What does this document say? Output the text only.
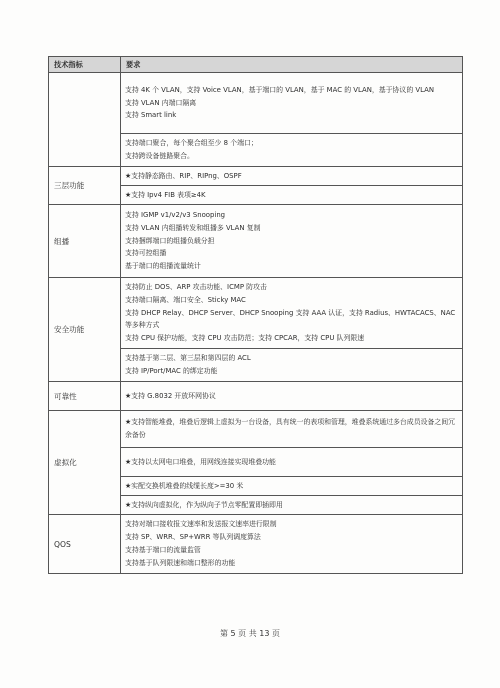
技术指标	要求

	支持 4K 个 VLAN，支持 Voice VLAN，基于端口的 VLAN，基于 MAC 的 VLAN，基于协议的 VLAN
支持 VLAN 内端口隔离
支持 Smart link

	支持端口聚合，每个聚合组至少 8 个端口；
支持跨设备链路聚合。

三层功能	★支持静态路由、RIP、RIPng、OSPF

	★支持 Ipv4 FIB 表项≥4K

组播	支持 IGMP v1/v2/v3 Snooping
支持 VLAN 内组播转发和组播多 VLAN 复制
支持捆绑端口的组播负载分担
支持可控组播
基于端口的组播流量统计

安全功能	支持防止 DOS、ARP 攻击功能、ICMP 防攻击
支持端口隔离、端口安全、Sticky MAC
支持 DHCP Relay、DHCP Server、DHCP Snooping 支持 AAA 认证，支持 Radius、HWTACACS、NAC 等多种方式
支持 CPU 保护功能，支持 CPU 攻击防范；支持 CPCAR，支持 CPU 队列限速

	支持基于第二层、第三层和第四层的 ACL
支持 IP/Port/MAC 的绑定功能

可靠性	★支持 G.8032 开放环网协议

虚拟化	★支持智能堆叠，堆叠后逻辑上虚拟为一台设备，具有统一的表项和管理，堆叠系统通过多台成员设备之间冗余备份

	★支持以太网电口堆叠，用网线连接实现堆叠功能

	★实配交换机堆叠的线缆长度>=30 米

	★支持纵向虚拟化，作为纵向子节点零配置即插即用

QOS	支持对端口接收报文速率和发送报文速率进行限制
支持 SP、WRR、SP+WRR 等队列调度算法
支持基于端口的流量监管
支持基于队列限速和端口整形的功能
第 5 页 共 13 页
